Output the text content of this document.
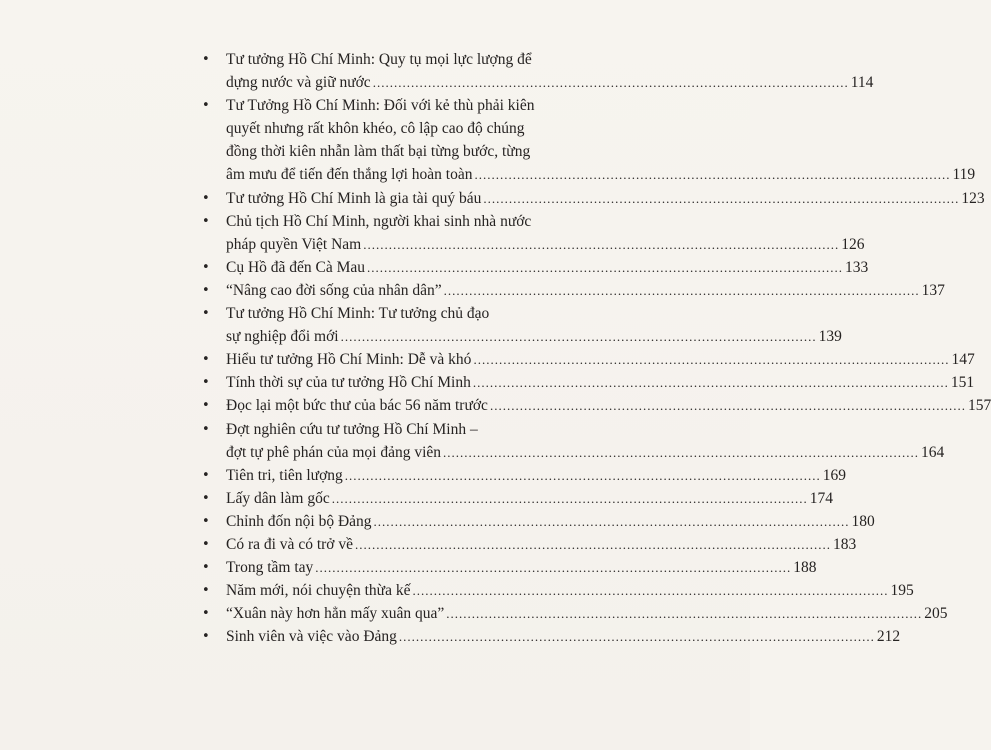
•	Tư tưởng Hồ Chí Minh: Quy tụ mọi lực lượng để
dựng nước và giữ nước .....	114
•	Tư Tưởng Hồ Chí Minh: Đối với kẻ thù phải kiên
quyết nhưng rất khôn khéo, cô lập cao độ chúng
đồng thời kiên nhẫn làm thất bại từng bước, từng
âm mưu để tiến đến thắng lợi hoàn toàn .....	119
•	Tư tưởng Hồ Chí Minh là gia tài quý báu .....	123
•	Chủ tịch Hồ Chí Minh, người khai sinh nhà nước
pháp quyền Việt Nam .....	126
•	Cụ Hồ đã đến Cà Mau .....	133
•	“Nâng cao đời sống của nhân dân” .....	137
•	Tư tưởng Hồ Chí Minh: Tư tưởng chủ đạo
sự nghiệp đổi mới .....	139
•	Hiểu tư tưởng Hồ Chí Minh: Dễ và khó .....	147
•	Tính thời sự của tư tưởng Hồ Chí Minh .....	151
•	Đọc lại một bức thư của bác 56 năm trước .....	157
•	Đợt nghiên cứu tư tưởng Hồ Chí Minh –
đợt tự phê phán của mọi đảng viên .....	164
•	Tiên tri, tiên lượng .....	169
•	Lấy dân làm gốc .....	174
•	Chỉnh đốn nội bộ Đảng .....	180
•	Có ra đi và có trở về .....	183
•	Trong tầm tay .....	188
•	Năm mới, nói chuyện thừa kế .....	195
•	“Xuân này hơn hẳn mấy xuân qua” .....	205
•	Sinh viên và việc vào Đảng .....	212
